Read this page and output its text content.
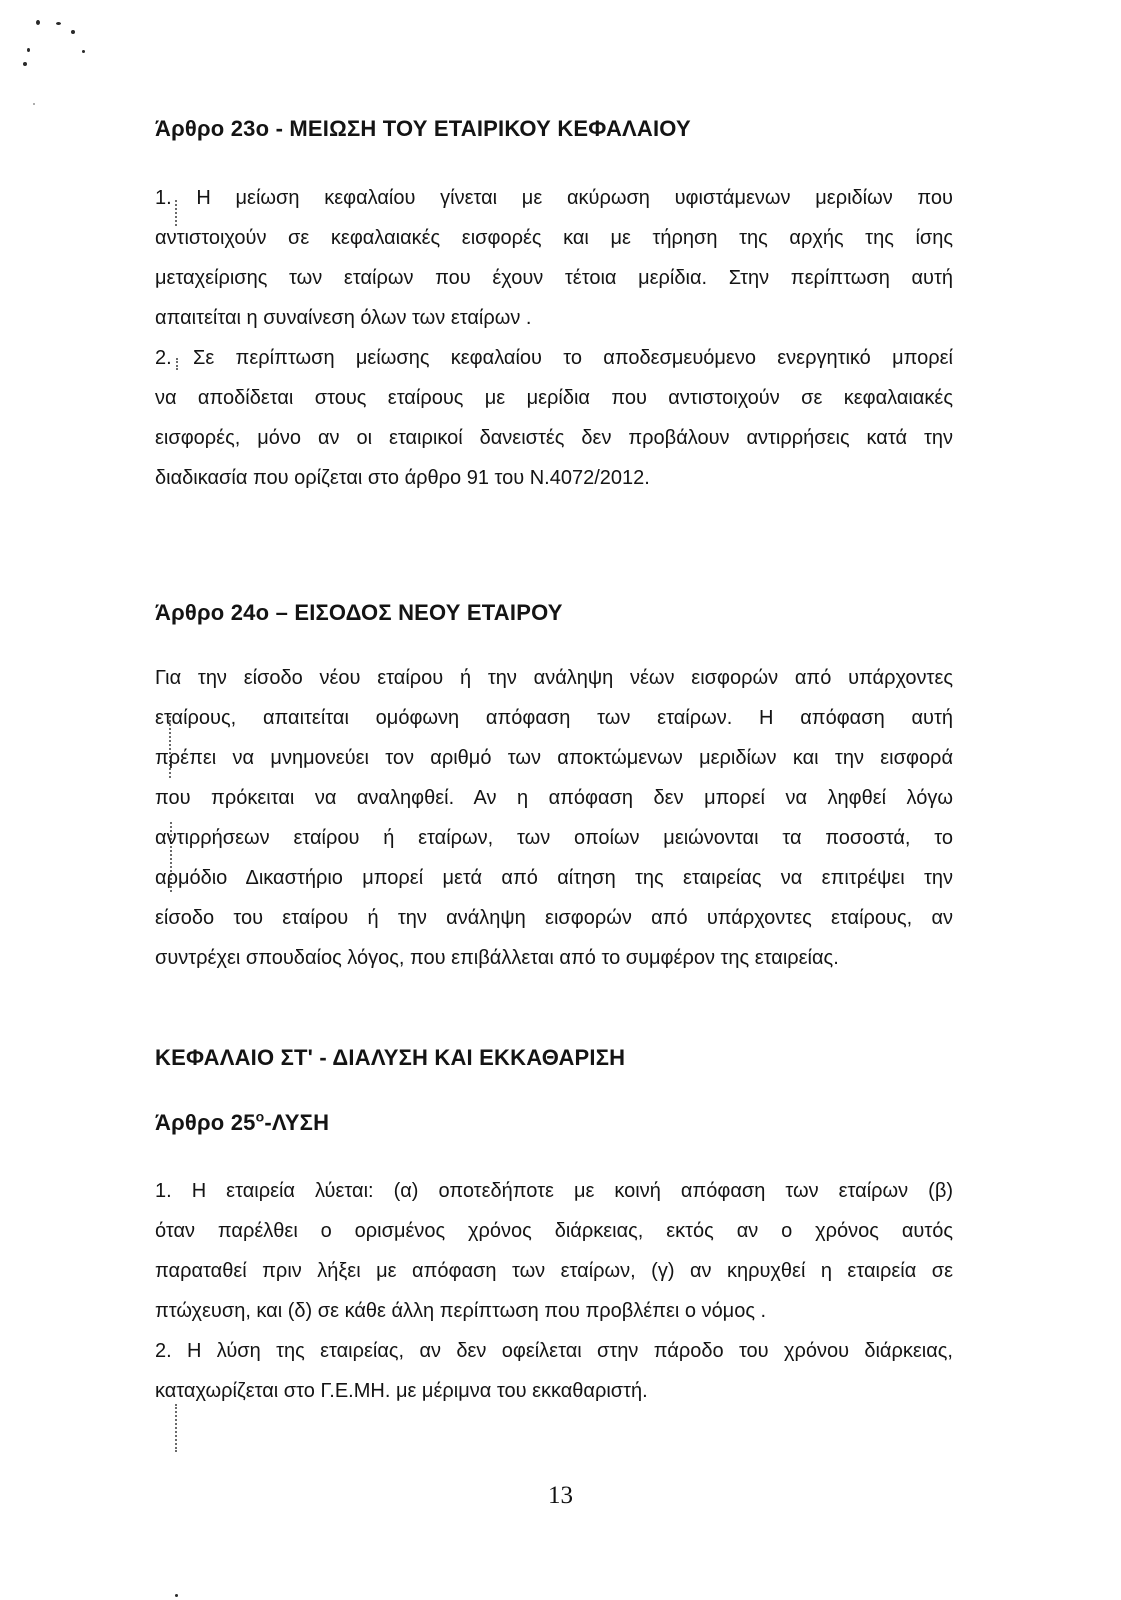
Άρθρο 23ο - ΜΕΙΩΣΗ ΤΟΥ ΕΤΑΙΡΙΚΟΥ ΚΕΦΑΛΑΙΟΥ
1. Η μείωση κεφαλαίου γίνεται με ακύρωση υφιστάμενων μεριδίων που
αντιστοιχούν σε κεφαλαιακές εισφορές και με τήρηση της αρχής της ίσης
μεταχείρισης των εταίρων που έχουν τέτοια μερίδια. Στην περίπτωση αυτή
απαιτείται η συναίνεση όλων των εταίρων .
2. Σε περίπτωση μείωσης κεφαλαίου το αποδεσμευόμενο ενεργητικό μπορεί
να αποδίδεται στους εταίρους με μερίδια που αντιστοιχούν σε κεφαλαιακές
εισφορές, μόνο αν οι εταιρικοί δανειστές δεν προβάλουν αντιρρήσεις κατά την
διαδικασία που ορίζεται στο άρθρο 91 του Ν.4072/2012.
Άρθρο 24ο – ΕΙΣΟΔΟΣ ΝΕΟΥ ΕΤΑΙΡΟΥ
Για την είσοδο νέου εταίρου ή την ανάληψη νέων εισφορών από υπάρχοντες
εταίρους, απαιτείται ομόφωνη απόφαση των εταίρων. Η απόφαση αυτή
πρέπει να μνημονεύει τον αριθμό των αποκτώμενων μεριδίων και την εισφορά
που πρόκειται να αναληφθεί. Αν η απόφαση δεν μπορεί να ληφθεί λόγω
αντιρρήσεων εταίρου ή εταίρων, των οποίων μειώνονται τα ποσοστά, το
αρμόδιο Δικαστήριο μπορεί μετά από αίτηση της εταιρείας να επιτρέψει την
είσοδο του εταίρου ή την ανάληψη εισφορών από υπάρχοντες εταίρους, αν
συντρέχει σπουδαίος λόγος, που επιβάλλεται από το συμφέρον της εταιρείας.
ΚΕΦΑΛΑΙΟ ΣΤ' - ΔΙΑΛΥΣΗ ΚΑΙ ΕΚΚΑΘΑΡΙΣΗ
Άρθρο $25^o$-ΛΥΣΗ
1. Η εταιρεία λύεται: (α) οποτεδήποτε με κοινή απόφαση των εταίρων (β)
όταν παρέλθει ο ορισμένος χρόνος διάρκειας, εκτός αν ο χρόνος αυτός
παραταθεί πριν λήξει με απόφαση των εταίρων, (γ) αν κηρυχθεί η εταιρεία σε
πτώχευση, και (δ) σε κάθε άλλη περίπτωση που προβλέπει ο νόμος .
2. Η λύση της εταιρείας, αν δεν οφείλεται στην πάροδο του χρόνου διάρκειας,
καταχωρίζεται στο Γ.Ε.ΜΗ. με μέριμνα του εκκαθαριστή.
13
